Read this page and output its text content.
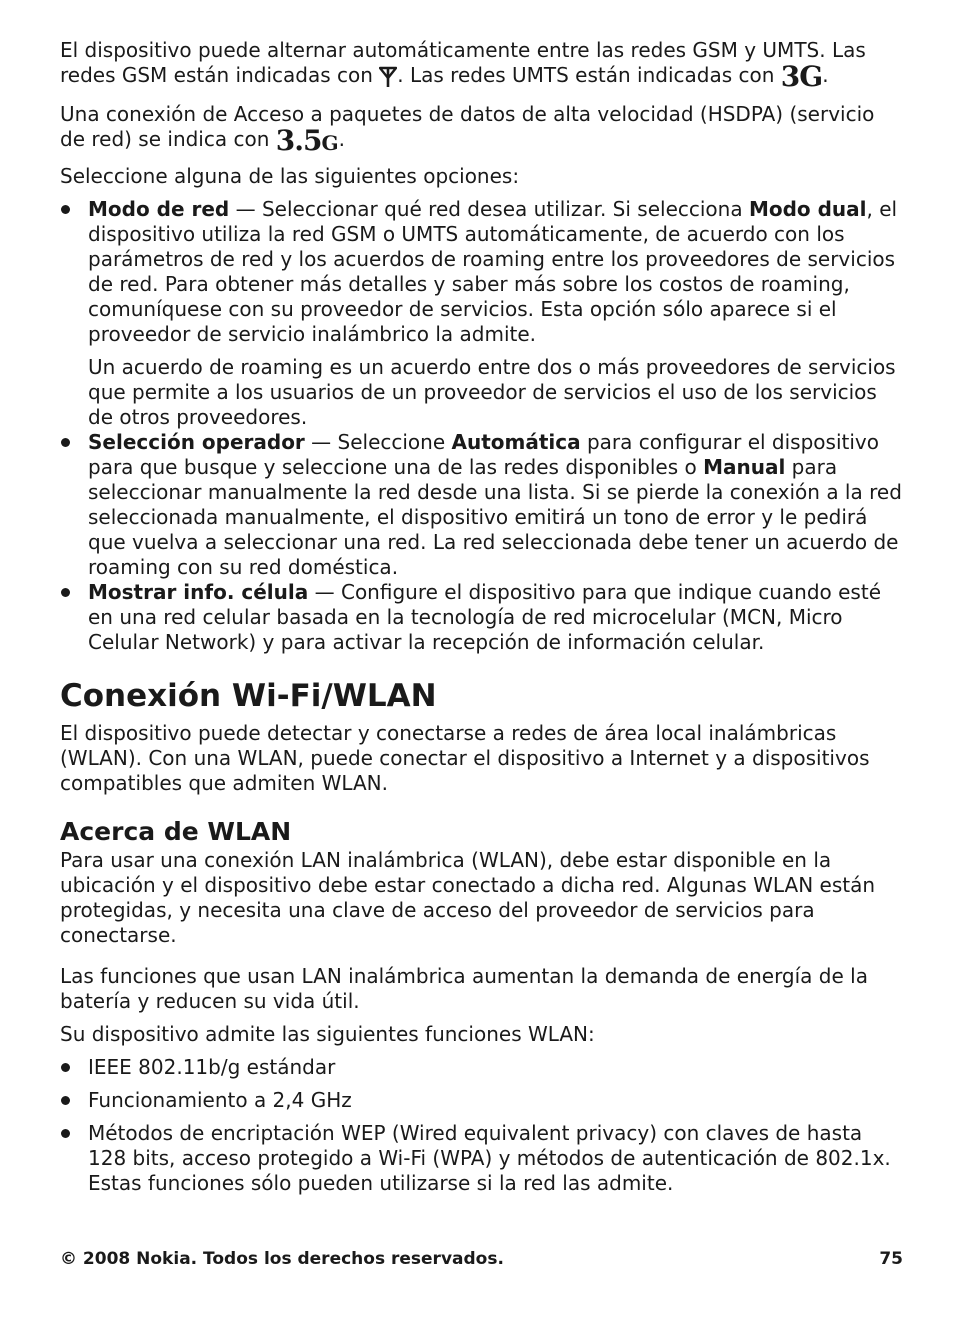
El dispositivo puede alternar automáticamente entre las redes GSM y UMTS. Las redes GSM están indicadas con . Las redes UMTS están indicadas con 3G.

Una conexión de Acceso a paquetes de datos de alta velocidad (HSDPA) (servicio de red) se indica con 3.5G.

Seleccione alguna de las siguientes opciones:

Modo de red — Seleccionar qué red desea utilizar. Si selecciona Modo dual, el dispositivo utiliza la red GSM o UMTS automáticamente, de acuerdo con los parámetros de red y los acuerdos de roaming entre los proveedores de servicios de red. Para obtener más detalles y saber más sobre los costos de roaming, comuníquese con su proveedor de servicios. Esta opción sólo aparece si el proveedor de servicio inalámbrico la admite.

Un acuerdo de roaming es un acuerdo entre dos o más proveedores de servicios que permite a los usuarios de un proveedor de servicios el uso de los servicios de otros proveedores.

Selección operador — Seleccione Automática para configurar el dispositivo para que busque y seleccione una de las redes disponibles o Manual para seleccionar manualmente la red desde una lista. Si se pierde la conexión a la red seleccionada manualmente, el dispositivo emitirá un tono de error y le pedirá que vuelva a seleccionar una red. La red seleccionada debe tener un acuerdo de roaming con su red doméstica.
Mostrar info. célula — Configure el dispositivo para que indique cuando esté en una red celular basada en la tecnología de red microcelular (MCN, Micro Celular Network) y para activar la recepción de información celular.
Conexión Wi-Fi/WLAN

El dispositivo puede detectar y conectarse a redes de área local inalámbricas (WLAN). Con una WLAN, puede conectar el dispositivo a Internet y a dispositivos compatibles que admiten WLAN.

Acerca de WLAN

Para usar una conexión LAN inalámbrica (WLAN), debe estar disponible en la ubicación y el dispositivo debe estar conectado a dicha red. Algunas WLAN están protegidas, y necesita una clave de acceso del proveedor de servicios para conectarse.

Las funciones que usan LAN inalámbrica aumentan la demanda de energía de la batería y reducen su vida útil.

Su dispositivo admite las siguientes funciones WLAN:

IEEE 802.11b/g estándar
Funcionamiento a 2,4 GHz
Métodos de encriptación WEP (Wired equivalent privacy) con claves de hasta 128 bits, acceso protegido a Wi-Fi (WPA) y métodos de autenticación de 802.1x. Estas funciones sólo pueden utilizarse si la red las admite.
© 2008 Nokia. Todos los derechos reservados.	75
